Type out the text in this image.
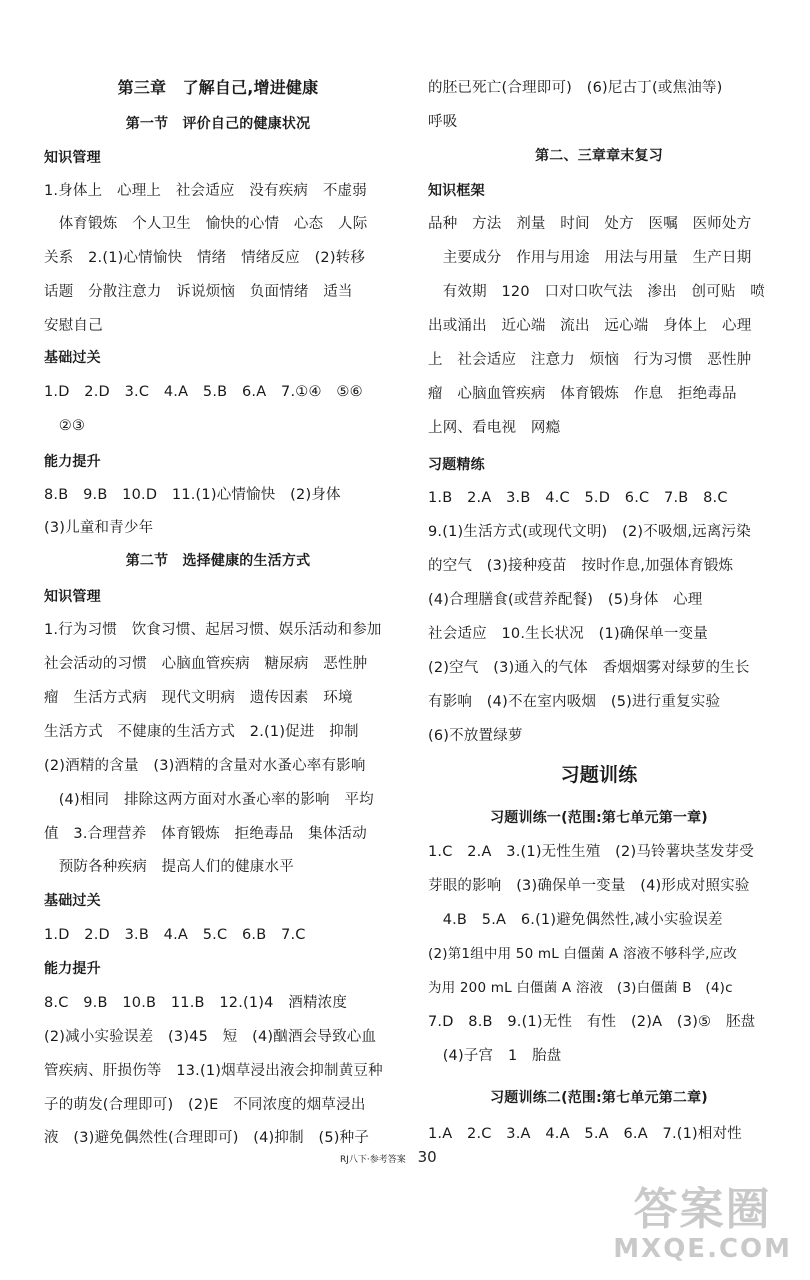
第三章　了解自己,增进健康
第一节　评价自己的健康状况
知识管理
1.身体上　心理上　社会适应　没有疾病　不虚弱
　体育锻炼　个人卫生　愉快的心情　心态　人际
关系　2.(1)心情愉快　情绪　情绪反应　(2)转移
话题　分散注意力　诉说烦恼　负面情绪　适当
安慰自己
基础过关
1.D　2.D　3.C　4.A　5.B　6.A　7.①④　⑤⑥
　②③
能力提升
8.B　9.B　10.D　11.(1)心情愉快　(2)身体
(3)儿童和青少年
第二节　选择健康的生活方式
知识管理
1.行为习惯　饮食习惯、起居习惯、娱乐活动和参加
社会活动的习惯　心脑血管疾病　糖尿病　恶性肿
瘤　生活方式病　现代文明病　遗传因素　环境
生活方式　不健康的生活方式　2.(1)促进　抑制
(2)酒精的含量　(3)酒精的含量对水蚤心率有影响
　(4)相同　排除这两方面对水蚤心率的影响　平均
值　3.合理营养　体育锻炼　拒绝毒品　集体活动
　预防各种疾病　提高人们的健康水平
基础过关
1.D　2.D　3.B　4.A　5.C　6.B　7.C
能力提升
8.C　9.B　10.B　11.B　12.(1)4　酒精浓度
(2)减小实验误差　(3)45　短　(4)酗酒会导致心血
管疾病、肝损伤等　13.(1)烟草浸出液会抑制黄豆种
子的萌发(合理即可)　(2)E　不同浓度的烟草浸出
液　(3)避免偶然性(合理即可)　(4)抑制　(5)种子
的胚已死亡(合理即可)　(6)尼古丁(或焦油等)
呼吸
第二、三章章末复习
知识框架
品种　方法　剂量　时间　处方　医嘱　医师处方
　主要成分　作用与用途　用法与用量　生产日期
　有效期　120　口对口吹气法　渗出　创可贴　喷
出或涌出　近心端　流出　远心端　身体上　心理
上　社会适应　注意力　烦恼　行为习惯　恶性肿
瘤　心脑血管疾病　体育锻炼　作息　拒绝毒品
上网、看电视　网瘾
习题精练
1.B　2.A　3.B　4.C　5.D　6.C　7.B　8.C
9.(1)生活方式(或现代文明)　(2)不吸烟,远离污染
的空气　(3)接种疫苗　按时作息,加强体育锻炼
(4)合理膳食(或营养配餐)　(5)身体　心理
社会适应　10.生长状况　(1)确保单一变量
(2)空气　(3)通入的气体　香烟烟雾对绿萝的生长
有影响　(4)不在室内吸烟　(5)进行重复实验
(6)不放置绿萝
习题训练
习题训练一(范围:第七单元第一章)
1.C　2.A　3.(1)无性生殖　(2)马铃薯块茎发芽受
芽眼的影响　(3)确保单一变量　(4)形成对照实验
　4.B　5.A　6.(1)避免偶然性,减小实验误差
(2)第1组中用 50 mL 白僵菌 A 溶液不够科学,应改
为用 200 mL 白僵菌 A 溶液　(3)白僵菌 B　(4)c
7.D　8.B　9.(1)无性　有性　(2)A　(3)⑤　胚盘
　(4)子宫　1　胎盘
习题训练二(范围:第七单元第二章)
1.A　2.C　3.A　4.A　5.A　6.A　7.(1)相对性
RJ八下·参考答案 30
答案圈
MXQE.COM
